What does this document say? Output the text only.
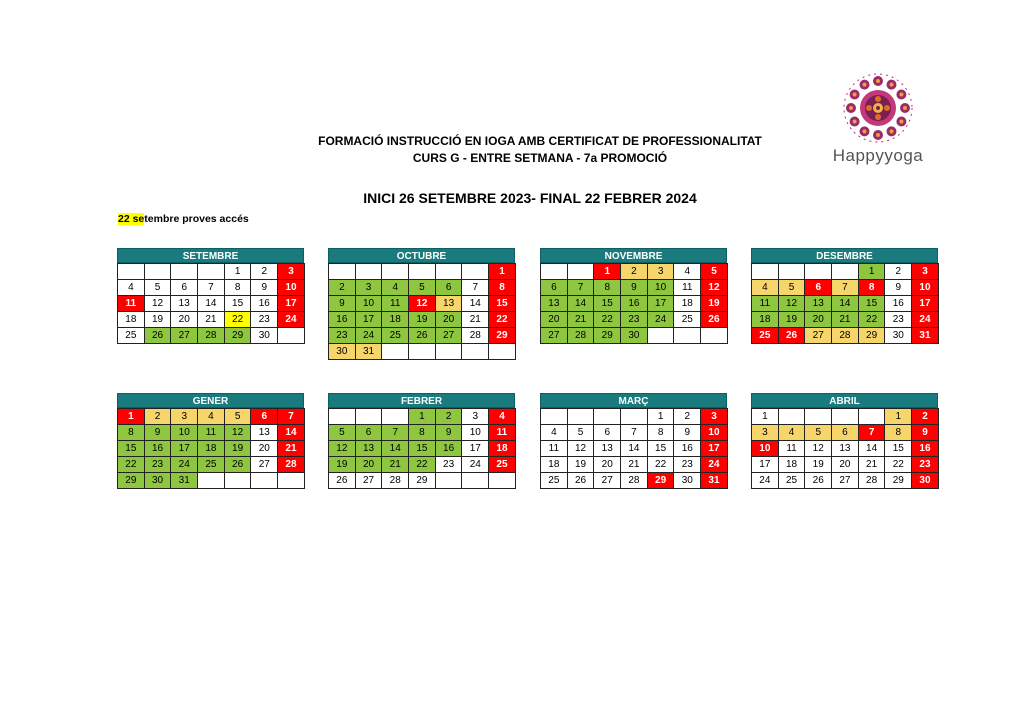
FORMACIÓ INSTRUCCIÓ EN IOGA AMB CERTIFICAT DE PROFESSIONALITAT
CURS G - ENTRE SETMANA - 7a PROMOCIÓ
INICI 26 SETEMBRE 2023- FINAL 22 FEBRER 2024
22 setembre proves accés
Happyyoga
SETEMBRE
				1	2	3
4	5	6	7	8	9	10
11	12	13	14	15	16	17
18	19	20	21	22	23	24
25	26	27	28	29	30	
OCTUBRE
						1
2	3	4	5	6	7	8
9	10	11	12	13	14	15
16	17	18	19	20	21	22
23	24	25	26	27	28	29
30	31					
NOVEMBRE
		1	2	3	4	5
6	7	8	9	10	11	12
13	14	15	16	17	18	19
20	21	22	23	24	25	26
27	28	29	30			
DESEMBRE
				1	2	3
4	5	6	7	8	9	10
11	12	13	14	15	16	17
18	19	20	21	22	23	24
25	26	27	28	29	30	31
GENER
1	2	3	4	5	6	7
8	9	10	11	12	13	14
15	16	17	18	19	20	21
22	23	24	25	26	27	28
29	30	31				
FEBRER
			1	2	3	4
5	6	7	8	9	10	11
12	13	14	15	16	17	18
19	20	21	22	23	24	25
26	27	28	29			
MARÇ
				1	2	3
4	5	6	7	8	9	10
11	12	13	14	15	16	17
18	19	20	21	22	23	24
25	26	27	28	29	30	31
ABRIL
1					1	2
3	4	5	6	7	8	9
10	11	12	13	14	15	16
17	18	19	20	21	22	23
24	25	26	27	28	29	30
